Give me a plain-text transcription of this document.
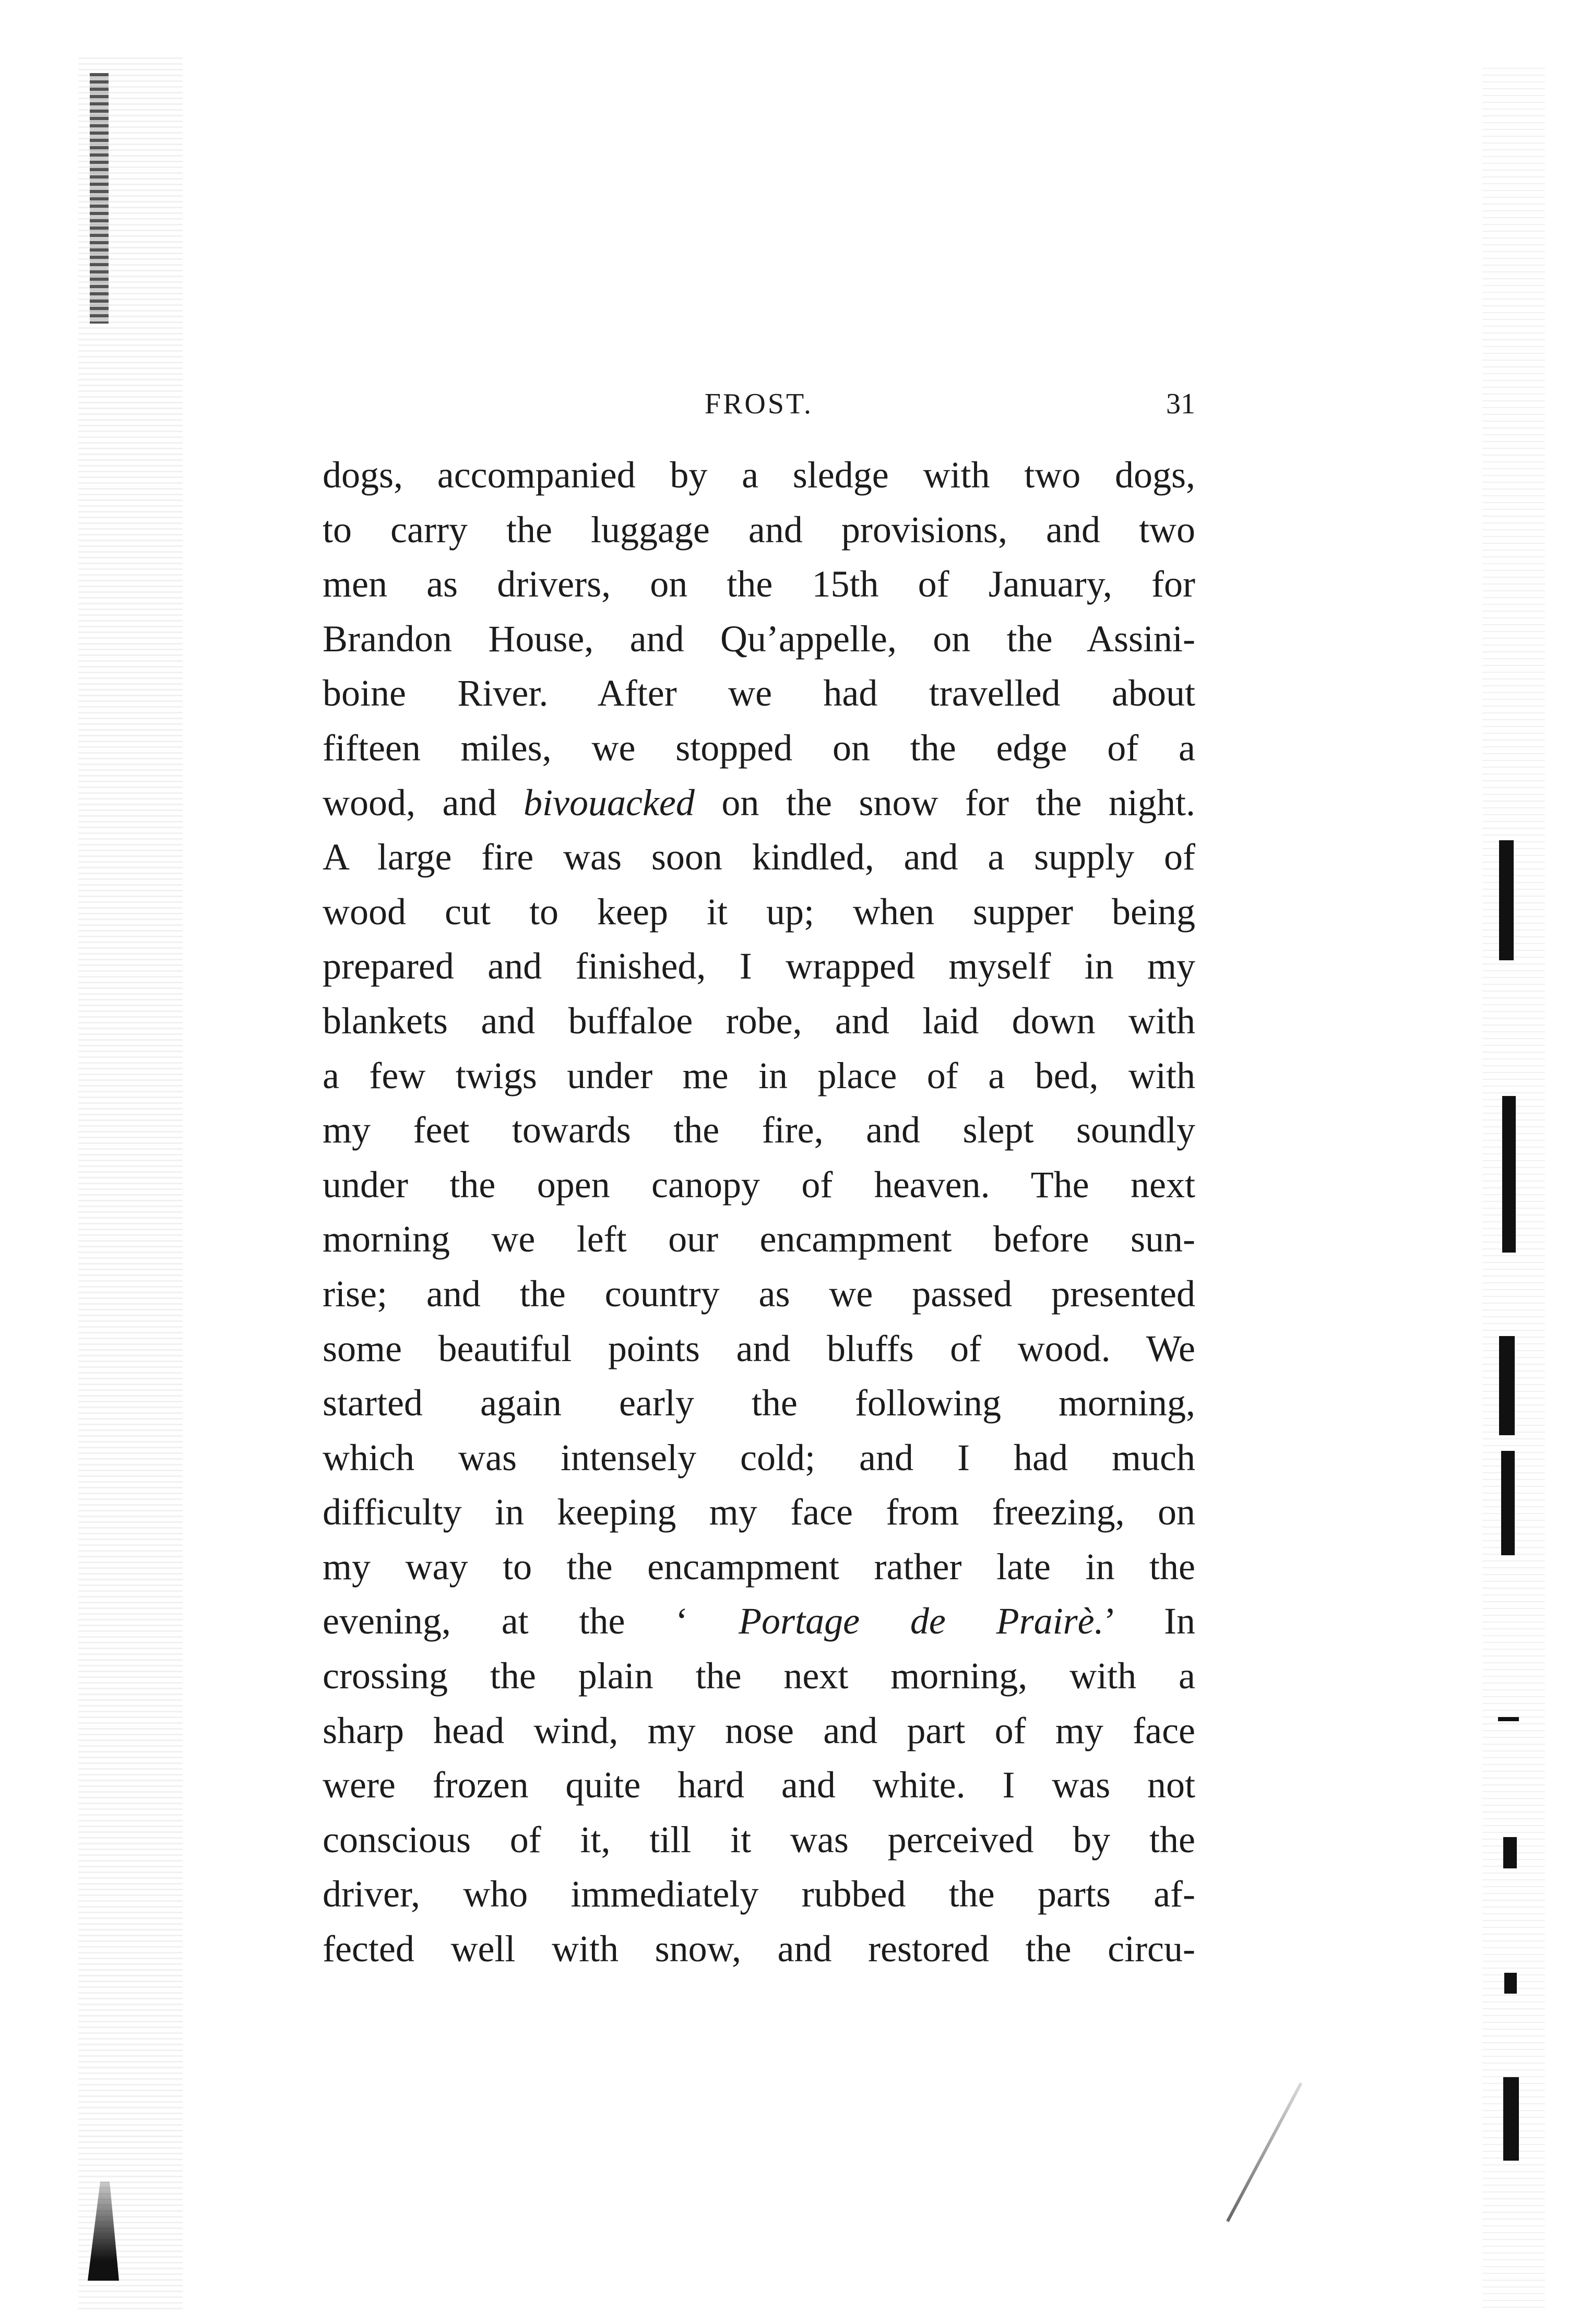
FROST.	31
dogs, accompanied by a sledge with two dogs,
to carry the luggage and provisions, and two
men as drivers, on the 15th of January, for
Brandon House, and Qu’appelle, on the Assini-
boine River. After we had travelled about
fifteen miles, we stopped on the edge of a
wood, and bivouacked on the snow for the night.
A large fire was soon kindled, and a supply of
wood cut to keep it up; when supper being
prepared and finished, I wrapped myself in my
blankets and buffaloe robe, and laid down with
a few twigs under me in place of a bed, with
my feet towards the fire, and slept soundly
under the open canopy of heaven. The next
morning we left our encampment before sun-
rise; and the country as we passed presented
some beautiful points and bluffs of wood. We
started again early the following morning,
which was intensely cold; and I had much
difficulty in keeping my face from freezing, on
my way to the encampment rather late in the
evening, at the ‘ Portage de Prairè.’ In
crossing the plain the next morning, with a
sharp head wind, my nose and part of my face
were frozen quite hard and white. I was not
conscious of it, till it was perceived by the
driver, who immediately rubbed the parts af-
fected well with snow, and restored the circu-
